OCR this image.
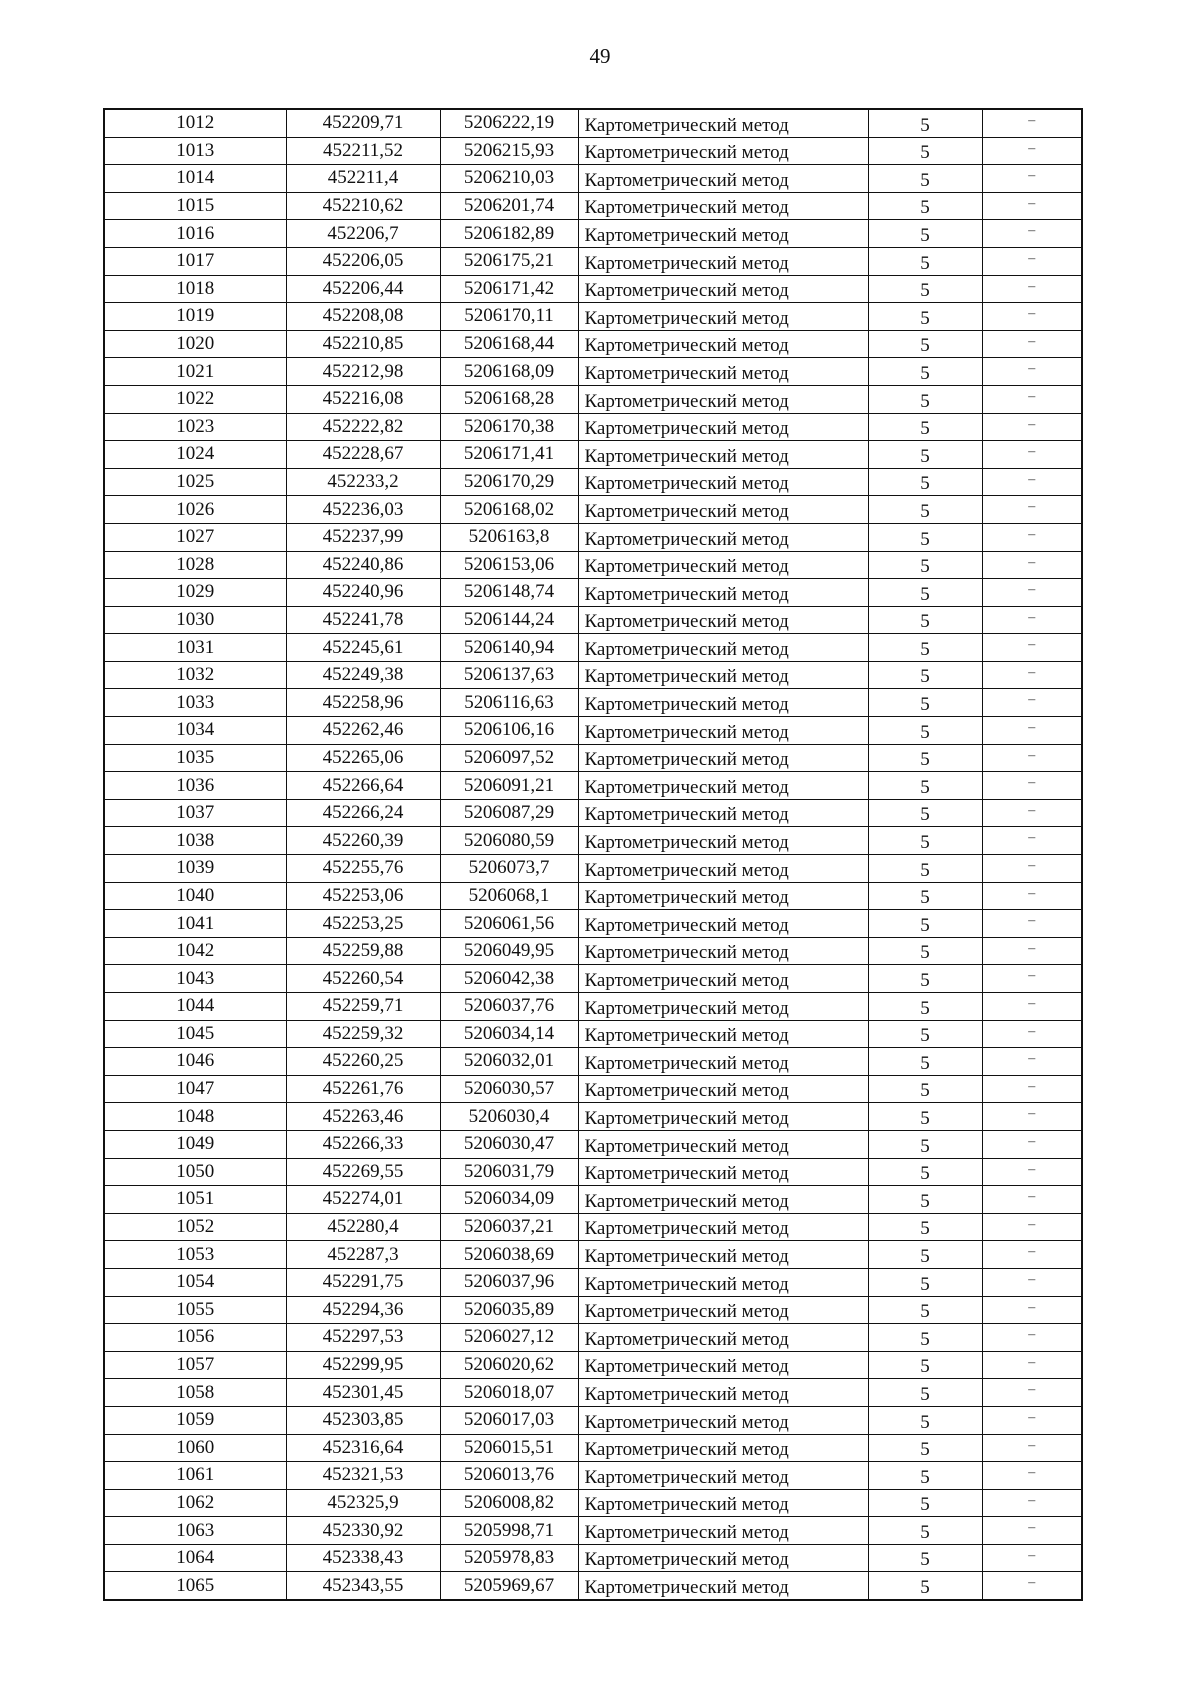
49
1012	452209,71	5206222,19	Картометрический метод	5	–
1013	452211,52	5206215,93	Картометрический метод	5	–
1014	452211,4	5206210,03	Картометрический метод	5	–
1015	452210,62	5206201,74	Картометрический метод	5	–
1016	452206,7	5206182,89	Картометрический метод	5	–
1017	452206,05	5206175,21	Картометрический метод	5	–
1018	452206,44	5206171,42	Картометрический метод	5	–
1019	452208,08	5206170,11	Картометрический метод	5	–
1020	452210,85	5206168,44	Картометрический метод	5	–
1021	452212,98	5206168,09	Картометрический метод	5	–
1022	452216,08	5206168,28	Картометрический метод	5	–
1023	452222,82	5206170,38	Картометрический метод	5	–
1024	452228,67	5206171,41	Картометрический метод	5	–
1025	452233,2	5206170,29	Картометрический метод	5	–
1026	452236,03	5206168,02	Картометрический метод	5	–
1027	452237,99	5206163,8	Картометрический метод	5	–
1028	452240,86	5206153,06	Картометрический метод	5	–
1029	452240,96	5206148,74	Картометрический метод	5	–
1030	452241,78	5206144,24	Картометрический метод	5	–
1031	452245,61	5206140,94	Картометрический метод	5	–
1032	452249,38	5206137,63	Картометрический метод	5	–
1033	452258,96	5206116,63	Картометрический метод	5	–
1034	452262,46	5206106,16	Картометрический метод	5	–
1035	452265,06	5206097,52	Картометрический метод	5	–
1036	452266,64	5206091,21	Картометрический метод	5	–
1037	452266,24	5206087,29	Картометрический метод	5	–
1038	452260,39	5206080,59	Картометрический метод	5	–
1039	452255,76	5206073,7	Картометрический метод	5	–
1040	452253,06	5206068,1	Картометрический метод	5	–
1041	452253,25	5206061,56	Картометрический метод	5	–
1042	452259,88	5206049,95	Картометрический метод	5	–
1043	452260,54	5206042,38	Картометрический метод	5	–
1044	452259,71	5206037,76	Картометрический метод	5	–
1045	452259,32	5206034,14	Картометрический метод	5	–
1046	452260,25	5206032,01	Картометрический метод	5	–
1047	452261,76	5206030,57	Картометрический метод	5	–
1048	452263,46	5206030,4	Картометрический метод	5	–
1049	452266,33	5206030,47	Картометрический метод	5	–
1050	452269,55	5206031,79	Картометрический метод	5	–
1051	452274,01	5206034,09	Картометрический метод	5	–
1052	452280,4	5206037,21	Картометрический метод	5	–
1053	452287,3	5206038,69	Картометрический метод	5	–
1054	452291,75	5206037,96	Картометрический метод	5	–
1055	452294,36	5206035,89	Картометрический метод	5	–
1056	452297,53	5206027,12	Картометрический метод	5	–
1057	452299,95	5206020,62	Картометрический метод	5	–
1058	452301,45	5206018,07	Картометрический метод	5	–
1059	452303,85	5206017,03	Картометрический метод	5	–
1060	452316,64	5206015,51	Картометрический метод	5	–
1061	452321,53	5206013,76	Картометрический метод	5	–
1062	452325,9	5206008,82	Картометрический метод	5	–
1063	452330,92	5205998,71	Картометрический метод	5	–
1064	452338,43	5205978,83	Картометрический метод	5	–
1065	452343,55	5205969,67	Картометрический метод	5	–
